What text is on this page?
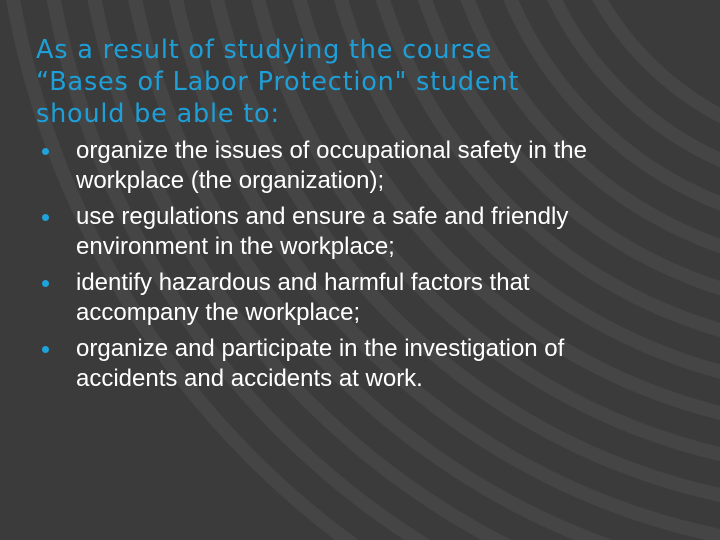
As a result of studying the course
“Bases of Labor Protection" student
should be able to:
organize the issues of occupational safety in the workplace (the organization);
use regulations and ensure a safe and friendly environment in the workplace;
identify hazardous and harmful factors that accompany the workplace;
organize and participate in the investigation of accidents and accidents at work.
